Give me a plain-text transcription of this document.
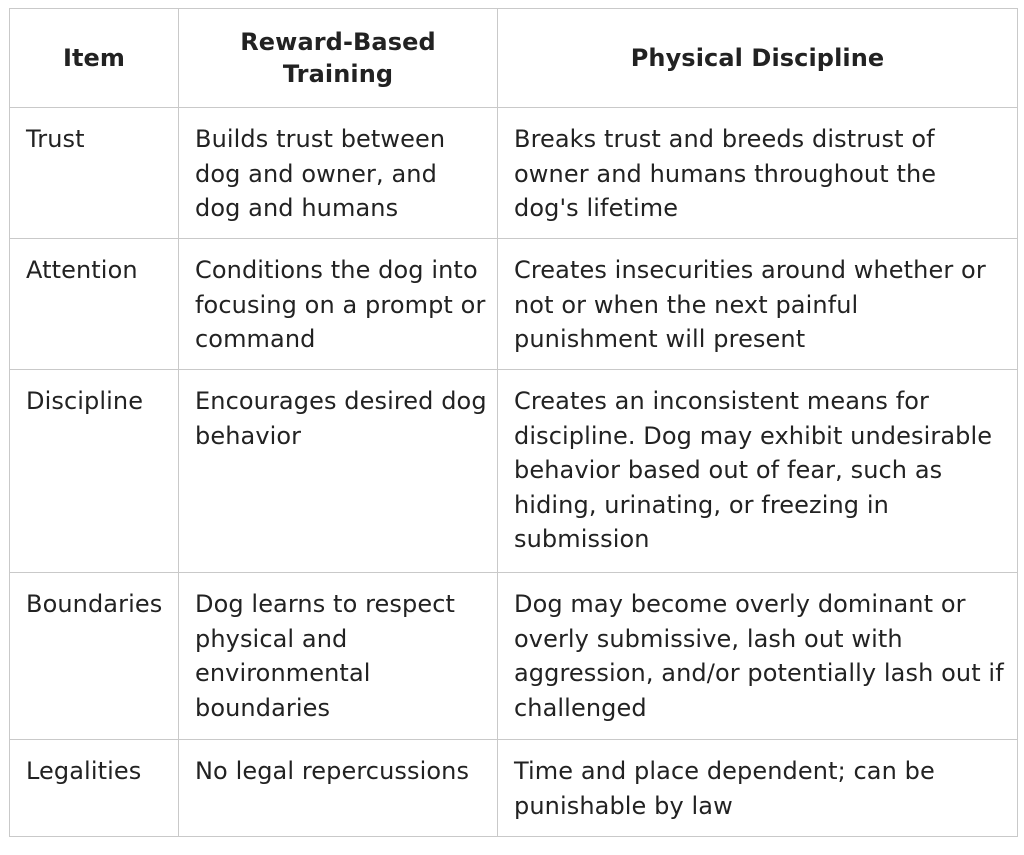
Item	Reward-Based Training	Physical Discipline
Trust	Builds trust between dog and owner, and dog and humans	Breaks trust and breeds distrust of owner and humans throughout the dog's lifetime
Attention	Conditions the dog into focusing on a prompt or command	Creates insecurities around whether or not or when the next painful punishment will present
Discipline	Encourages desired dog behavior	Creates an inconsistent means for discipline. Dog may exhibit undesirable behavior based out of fear, such as hiding, urinating, or freezing in submission
Boundaries	Dog learns to respect physical and environmental boundaries	Dog may become overly dominant or overly submissive, lash out with aggression, and/or potentially lash out if challenged
Legalities	No legal repercussions	Time and place dependent; can be punishable by law
